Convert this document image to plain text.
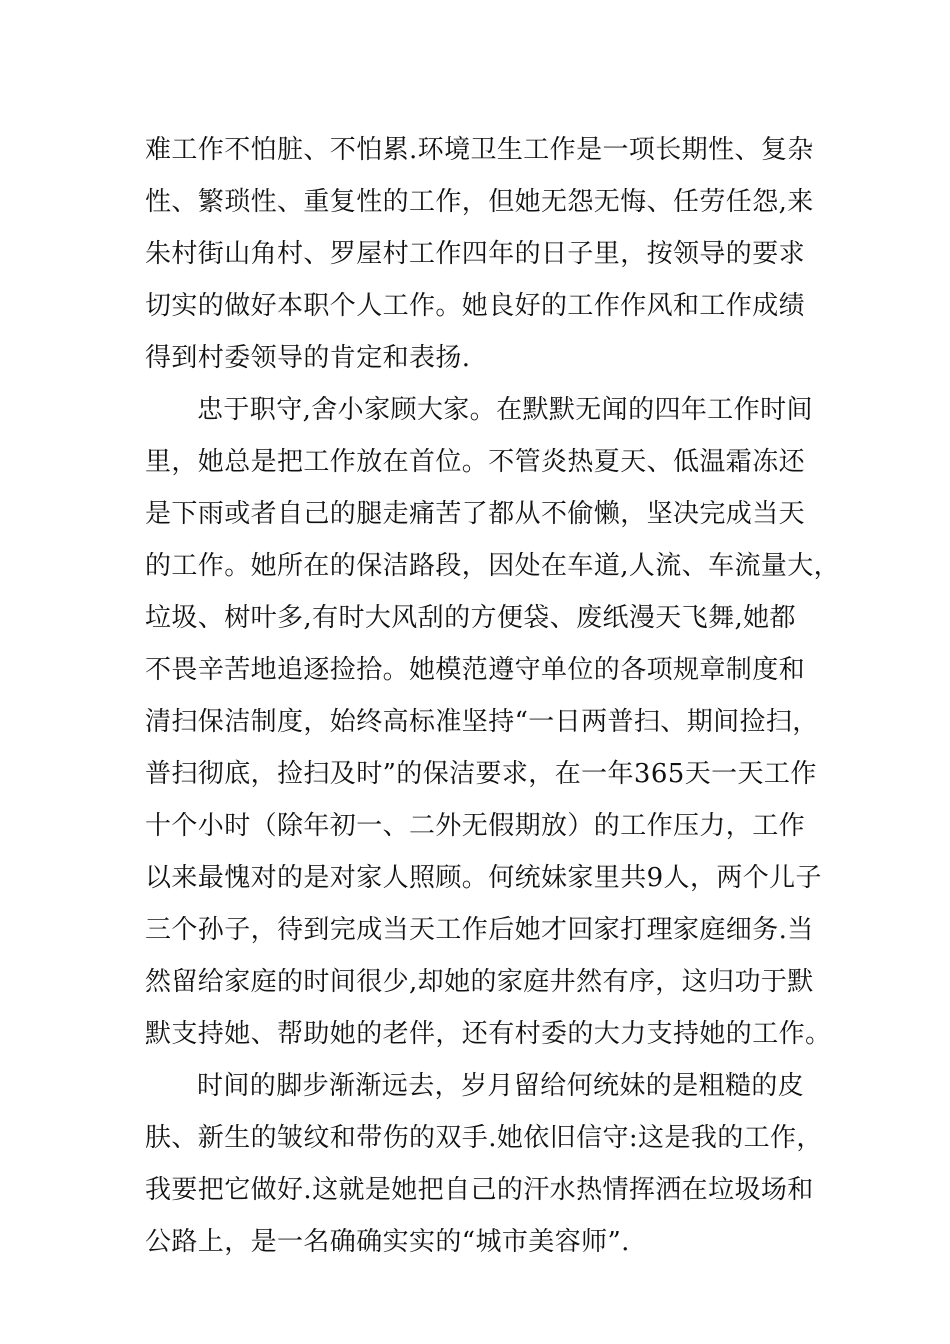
难工作不怕脏、不怕累.环境卫生工作是一项长期性、复杂
性、繁琐性、重复性的工作，但她无怨无悔、任劳任怨,来
朱村街山角村、罗屋村工作四年的日子里，按领导的要求
切实的做好本职个人工作。她良好的工作作风和工作成绩
得到村委领导的肯定和表扬.
忠于职守,舍小家顾大家。在默默无闻的四年工作时间
里，她总是把工作放在首位。不管炎热夏天、低温霜冻还
是下雨或者自己的腿走痛苦了都从不偷懒，坚决完成当天
的工作。她所在的保洁路段，因处在车道,人流、车流量大，
垃圾、树叶多,有时大风刮的方便袋、废纸漫天飞舞,她都
不畏辛苦地追逐捡拾。她模范遵守单位的各项规章制度和
清扫保洁制度，始终高标准坚持“一日两普扫、期间捡扫，
普扫彻底，捡扫及时”的保洁要求，在一年365天一天工作
十个小时（除年初一、二外无假期放）的工作压力，工作
以来最愧对的是对家人照顾。何统妹家里共9人，两个儿子
三个孙子，待到完成当天工作后她才回家打理家庭细务.当
然留给家庭的时间很少,却她的家庭井然有序，这归功于默
默支持她、帮助她的老伴，还有村委的大力支持她的工作。
时间的脚步渐渐远去，岁月留给何统妹的是粗糙的皮
肤、新生的皱纹和带伤的双手.她依旧信守:这是我的工作，
我要把它做好.这就是她把自己的汗水热情挥洒在垃圾场和
公路上，是一名确确实实的“城市美容师”.
